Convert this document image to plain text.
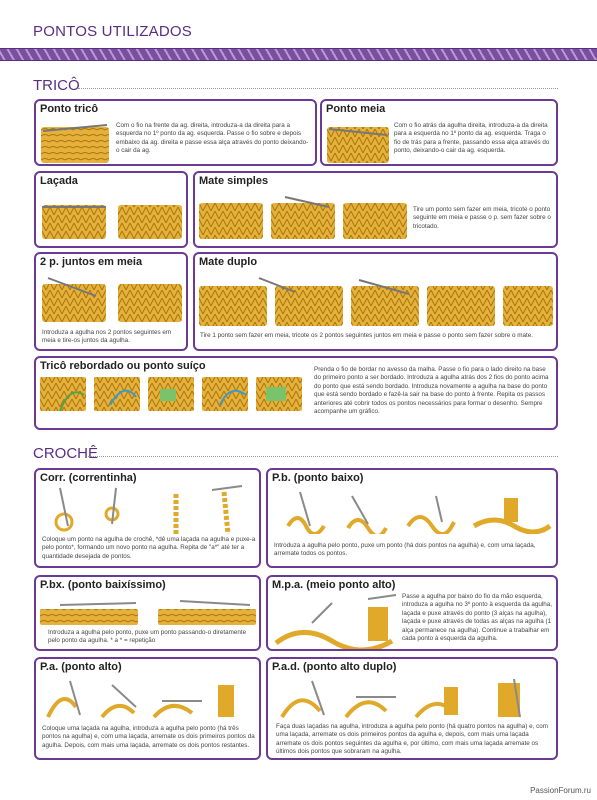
PONTOS UTILIZADOS
TRICÔ
Ponto tricô
Com o fio na frente da ag. direita, introduza-a da direita para a esquerda no 1º ponto da ag. esquerda. Passe o fio sobre e depois embaixo da ag. direita e passe essa alça através do ponto deixando-o cair da ag.
Ponto meia
Com o fio atrás da agulha direita, introduza-a da direita para a esquerda no 1º ponto da ag. esquerda. Traga o fio de trás para a frente, passando essa alça através do ponto, deixando-o cair da ag. esquerda.
Laçada	Mate simples
Tire um ponto sem fazer em meia, tricote o ponto seguinte em meia e passe o p. sem fazer sobre o tricotado.
2 p. juntos em meia
Introduza a agulha nos 2 pontos seguintes em meia e tire-os juntos da agulha.
Mate duplo
Tire 1 ponto sem fazer em meia, tricote os 2 pontos seguintes juntos em meia e passe o ponto sem fazer sobre o mate.
Tricô rebordado ou ponto suíço	Prenda o fio de bordar no avesso da malha. Passe o fio para o lado direito na base do primeiro ponto a ser bordado. Introduza a agulha atrás dos 2 fios do ponto acima do ponto que está sendo bordado. Introduza novamente a agulha na base do ponto que está sendo bordado e fazê-la sair na base do ponto à frente. Repita os passos anteriores até cobrir todos os pontos necessários para formar o desenho. Sempre acompanhe um gráfico.
CROCHÊ
Corr. (correntinha)
Coloque um ponto na agulha de crochê, *dê uma laçada na agulha e puxe-a pelo ponto*, formando um novo ponto na agulha. Repita de "a*" até ter a quantidade desejada de pontos.
P.b. (ponto baixo)
Introduza a agulha pelo ponto, puxe um ponto (há dois pontos na agulha) e, com uma laçada, arremate todos os pontos.
P.bx. (ponto baixíssimo)
Introduza a agulha pelo ponto, puxe um ponto passando-o diretamente pelo ponto da agulha. * a * = repetição
M.p.a. (meio ponto alto)
Passe a agulha por baixo do fio da mão esquerda, introduza a agulha no 3º ponto à esquerda da agulha, laçada e puxe através do ponto (3 alças na agulha), laçada e puxe através de todas as alças na agulha (1 alça permanece na agulha). Continue a trabalhar em cada ponto à esquerda da agulha.
P.a. (ponto alto)
Coloque uma laçada na agulha, introduza a agulha pelo ponto (há três pontos na agulha) e, com uma laçada, arremate os dois primeiros pontos da agulha. Depois, com mais uma laçada, arremate os dois pontos restantes.
P.a.d. (ponto alto duplo)
Faça duas laçadas na agulha, introduza a agulha pelo ponto (há quatro pontos na agulha) e, com uma laçada, arremate os dois primeiros pontos da agulha e, depois, com mais uma laçada arremate os dois pontos seguintes da agulha e, por último, com mais uma laçada arremate os últimos dois pontos que sobraram na agulha.
PassionForum.ru
